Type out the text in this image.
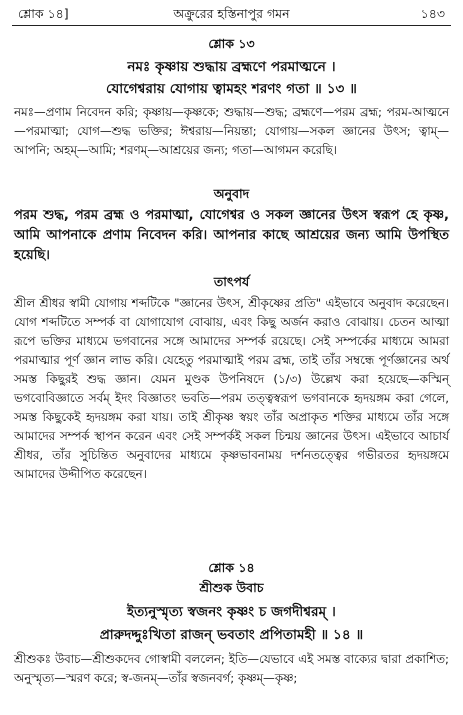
শ্লোক ১৪]	অক্রুরের হস্তিনাপুর গমন	১৪৩
শ্লোক ১৩
নমঃ কৃষ্ণায় শুদ্ধায় ব্রহ্মণে পরমাত্মনে ।
যোগেশ্বরায় যোগায় ত্বামহং শরণং গতা ॥ ১৩ ॥

নমঃ—প্রণাম নিবেদন করি; কৃষ্ণায়—কৃষ্ণকে; শুদ্ধায়—শুদ্ধ; ব্রহ্মণে—পরম ব্রহ্ম; পরম-আত্মনে—পরমাত্মা; যোগ—শুদ্ধ ভক্তির; ঈশ্বরায়—নিয়ন্তা; যোগায়—সকল জ্ঞানের উৎস; ত্বাম্—আপনি; অহম্—আমি; শরণম্—আশ্রয়ের জন্য; গতা—আগমন করেছি।

অনুবাদ

পরম শুদ্ধ, পরম ব্রহ্ম ও পরমাত্মা, যোগেশ্বর ও সকল জ্ঞানের উৎস স্বরূপ হে কৃষ্ণ, আমি আপনাকে প্রণাম নিবেদন করি। আপনার কাছে আশ্রয়ের জন্য আমি উপস্থিত হয়েছি।

তাৎপর্য

শ্রীল শ্রীধর স্বামী যোগায় শব্দটিকে "জ্ঞানের উৎস, শ্রীকৃষ্ণের প্রতি" এইভাবে অনুবাদ করেছেন। যোগ শব্দটিতে সম্পর্ক বা যোগাযোগ বোঝায়, এবং কিছু অর্জন করাও বোঝায়। চেতন আত্মা রূপে ভক্তির মাধ্যমে ভগবানের সঙ্গে আমাদের সম্পর্ক রয়েছে। সেই সম্পর্কের মাধ্যমে আমরা পরমাত্মার পূর্ণ জ্ঞান লাভ করি। যেহেতু পরমাত্মাই পরম ব্রহ্ম, তাই তাঁর সম্বন্ধে পূর্ণজ্ঞানের অর্থ সমস্ত কিছুরই শুদ্ধ জ্ঞান। যেমন মুণ্ডক উপনিষদে (১/৩) উল্লেখ করা হয়েছে—কস্মিন্ ভগবোবিজ্ঞাতে সর্বম্ ইদং বিজ্ঞাতং ভবতি—পরম তত্ত্বস্বরূপ ভগবানকে হৃদয়ঙ্গম করা গেলে, সমস্ত কিছুকেই হৃদয়ঙ্গম করা যায়। তাই শ্রীকৃষ্ণ স্বয়ং তাঁর অপ্রাকৃত শক্তির মাধ্যমে তাঁর সঙ্গে আমাদের সম্পর্ক স্থাপন করেন এবং সেই সম্পর্কই সকল চিন্ময় জ্ঞানের উৎস। এইভাবে আচার্য শ্রীধর, তাঁর সুচিন্তিত অনুবাদের মাধ্যমে কৃষ্ণভাবনাময় দর্শনতত্ত্বের গভীরতর হৃদয়ঙ্গমে আমাদের উদ্দীপিত করেছেন।

শ্লোক ১৪
শ্রীশুক উবাচ
ইত্যনুস্মৃত্য স্বজনং কৃষ্ণং চ জগদীশ্বরম্ ।
প্রারুদদ্দুঃখিতা রাজন্ ভবতাং প্রপিতামহী ॥ ১৪ ॥

শ্রীশুকঃ উবাচ—শ্রীশুকদেব গোস্বামী বললেন; ইতি—যেভাবে এই সমস্ত বাক্যের দ্বারা প্রকাশিত; অনুস্মৃত্য—স্মরণ করে; স্ব-জনম্—তাঁর স্বজনবর্গ; কৃষ্ণম্—কৃষ্ণ;
